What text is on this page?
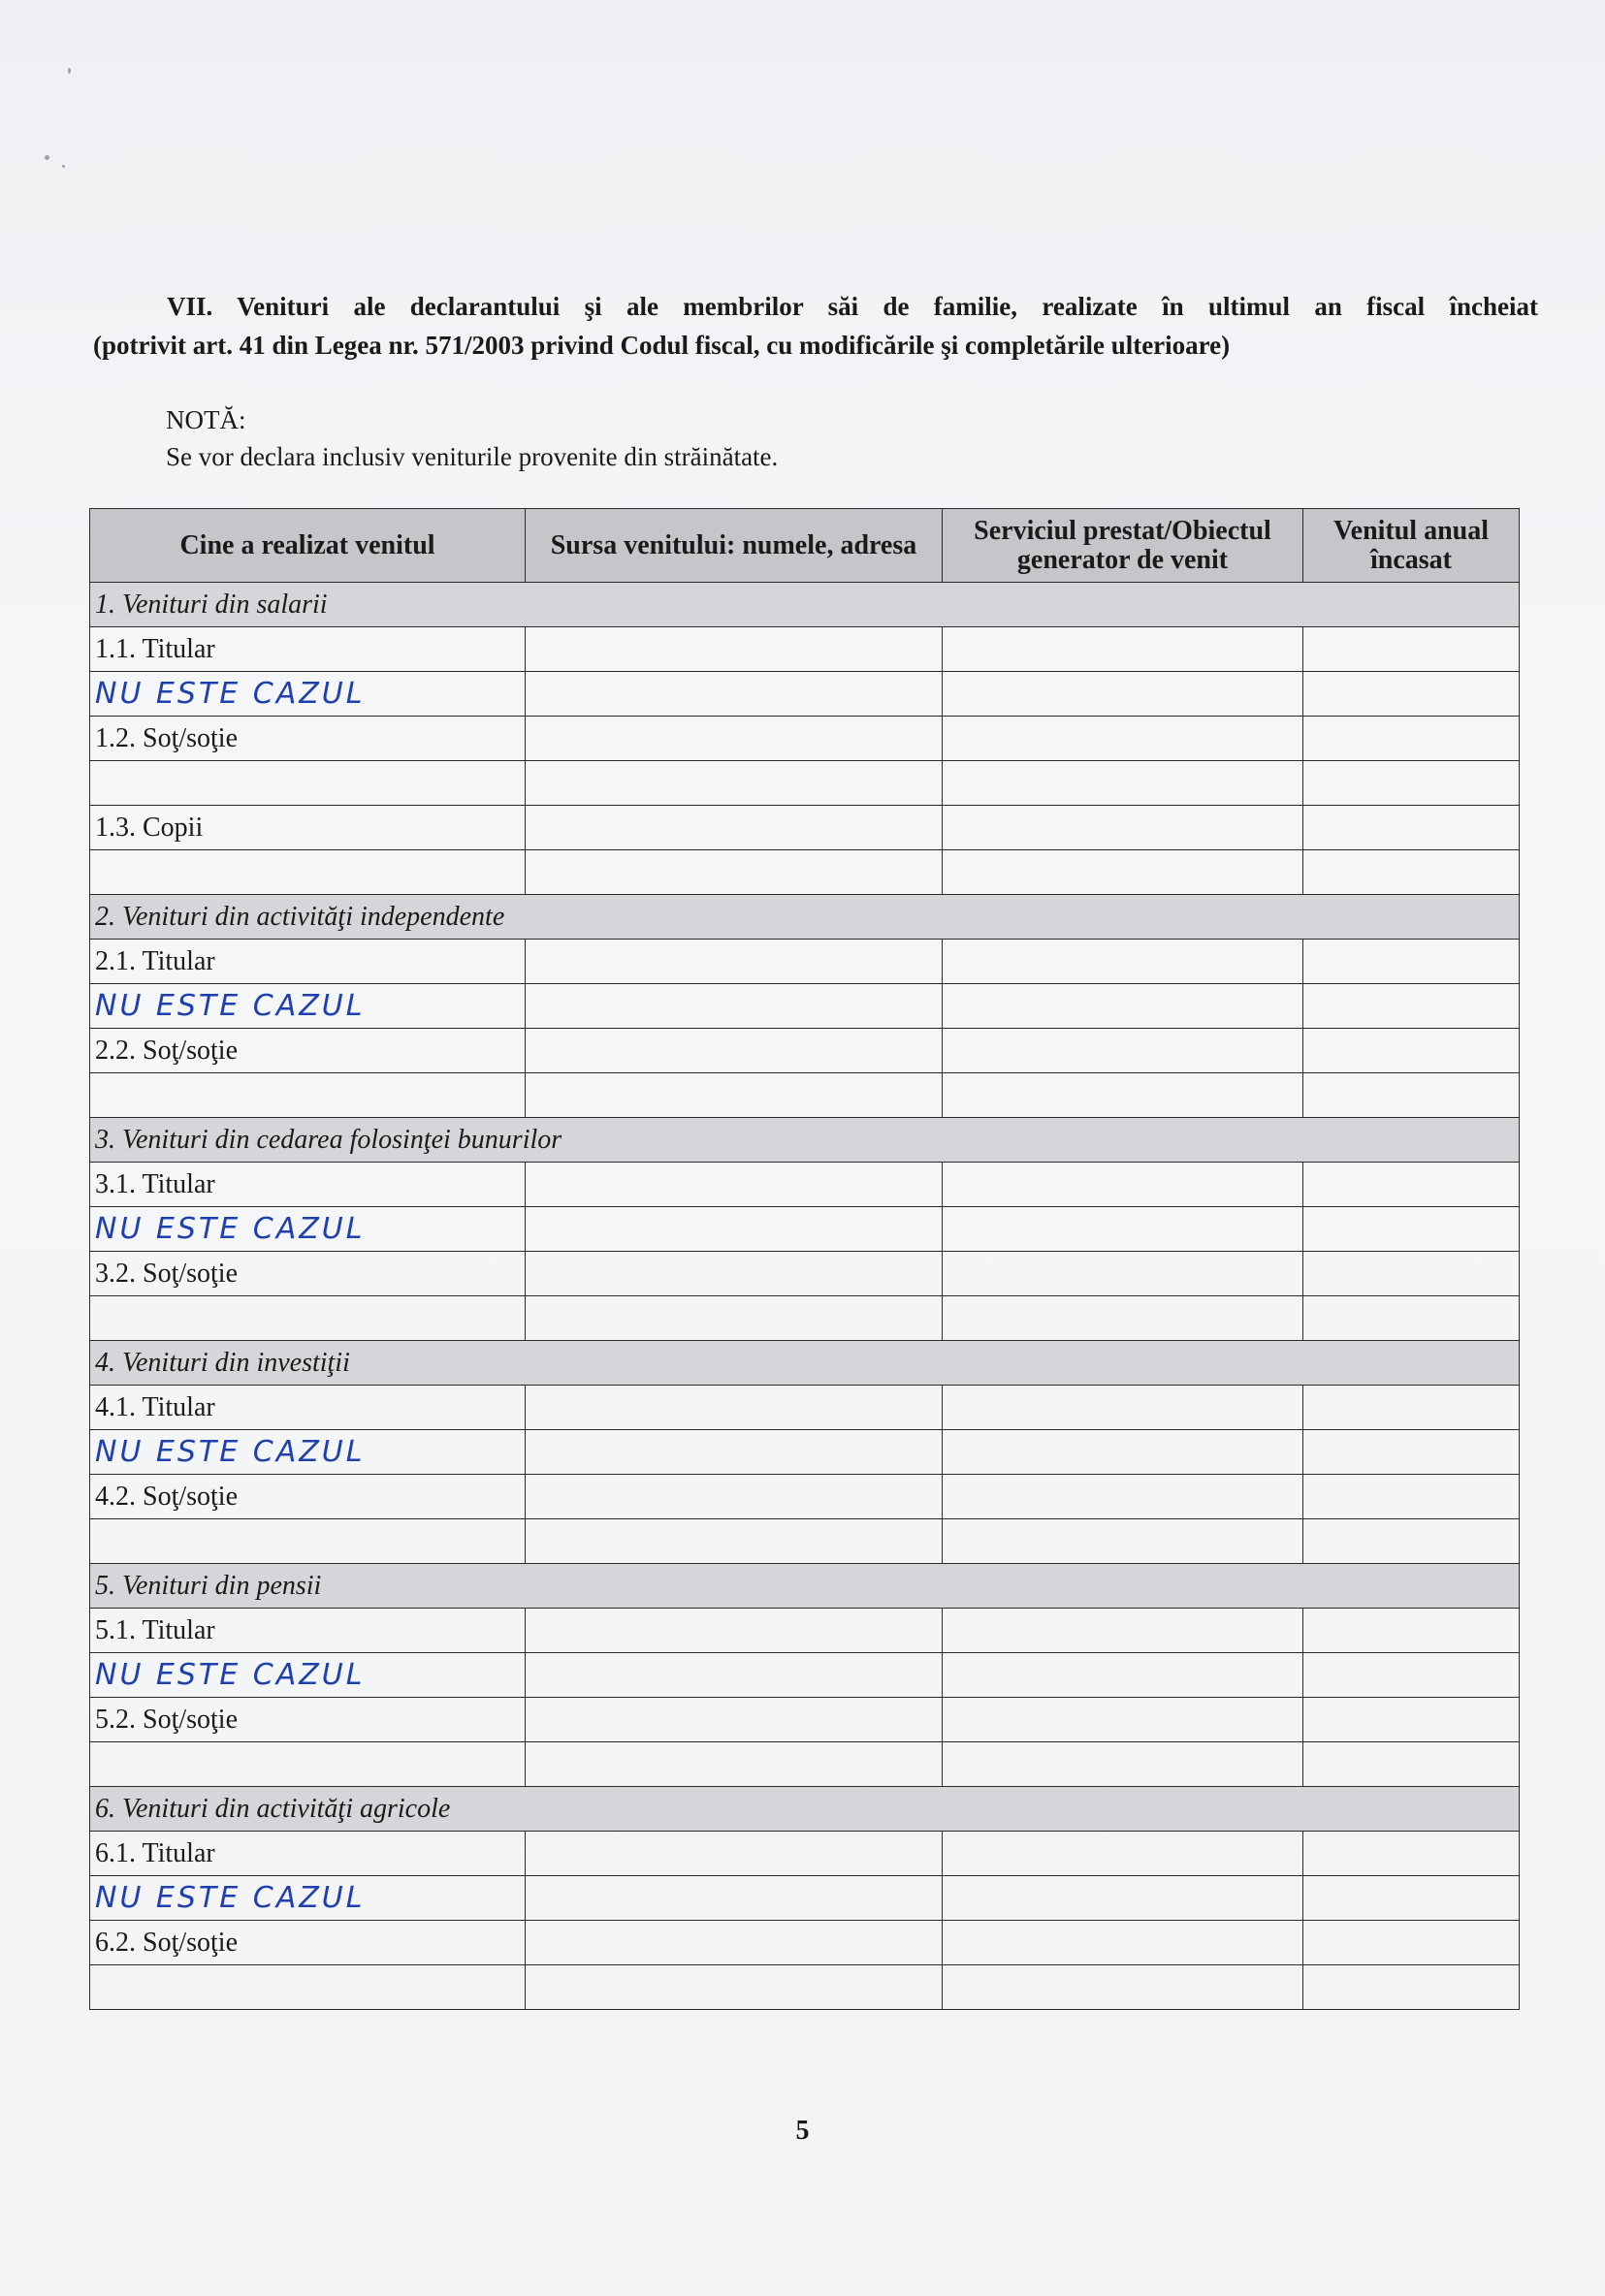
VII. Venituri ale declarantului şi ale membrilor săi de familie, realizate în ultimul an fiscal încheiat
(potrivit art. 41 din Legea nr. 571/2003 privind Codul fiscal, cu modificările şi completările ulterioare)
NOTĂ:
Se vor declara inclusiv veniturile provenite din străinătate.
Cine a realizat venitul	Sursa venitului: numele, adresa	Serviciul prestat/Obiectul generator de venit	Venitul anual încasat
1. Venituri din salarii			
1.1. Titular			
NU ESTE CAZUL			
1.2. Soţ/soţie			

1.3. Copii			

2. Venituri din activităţi independente			
2.1. Titular			
NU ESTE CAZUL			
2.2. Soţ/soţie			

3. Venituri din cedarea folosinţei bunurilor			
3.1. Titular			
NU ESTE CAZUL			
3.2. Soţ/soţie			

4. Venituri din investiţii			
4.1. Titular			
NU ESTE CAZUL			
4.2. Soţ/soţie			

5. Venituri din pensii			
5.1. Titular			
NU ESTE CAZUL			
5.2. Soţ/soţie			

6. Venituri din activităţi agricole			
6.1. Titular			
NU ESTE CAZUL			
6.2. Soţ/soţie			

5
